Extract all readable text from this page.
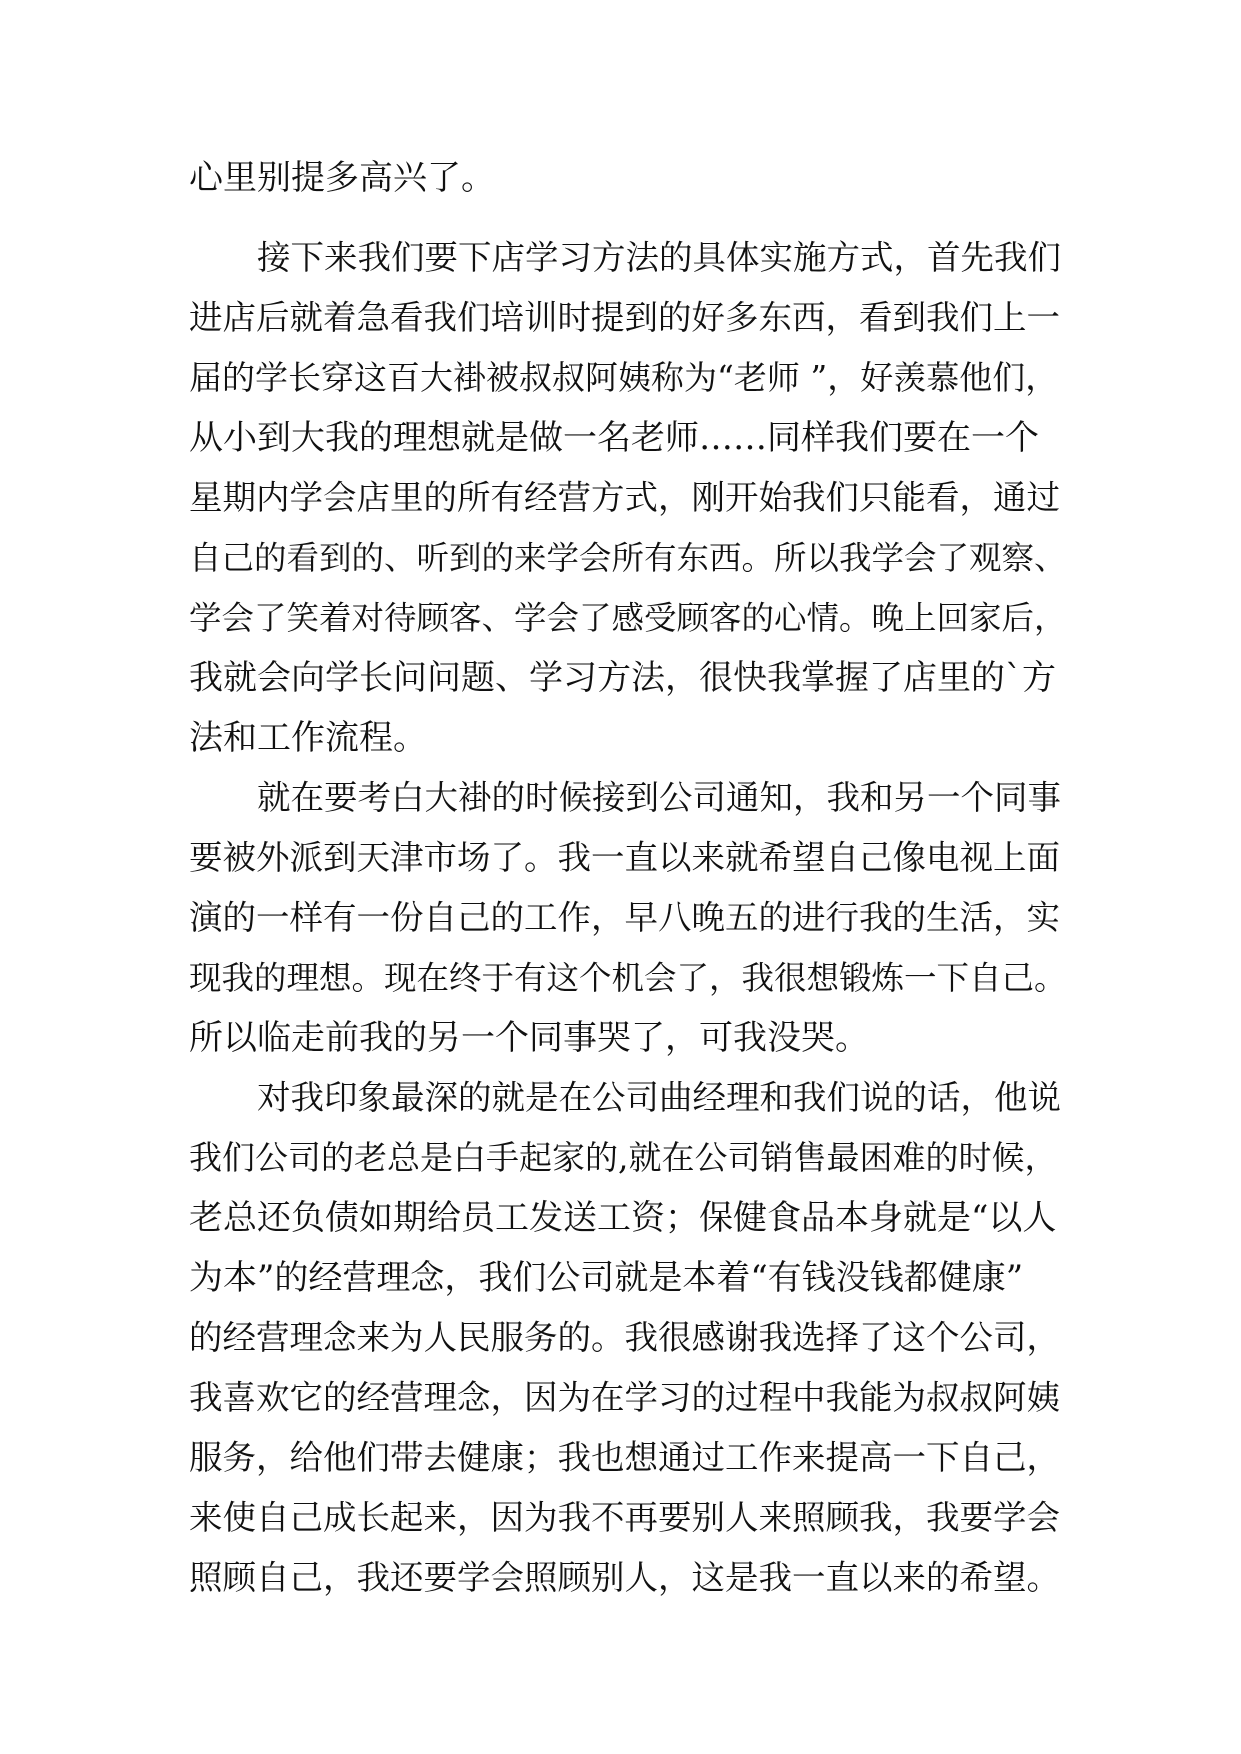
心里别提多高兴了。
接下来我们要下店学习方法的具体实施方式，首先我们
进店后就着急看我们培训时提到的好多东西，看到我们上一
届的学长穿这百大褂被叔叔阿姨称为“老师 ”，好羡慕他们，
从小到大我的理想就是做一名老师……同样我们要在一个
星期内学会店里的所有经营方式，刚开始我们只能看，通过
自己的看到的、听到的来学会所有东西。所以我学会了观察、
学会了笑着对待顾客、学会了感受顾客的心情。晚上回家后，
我就会向学长问问题、学习方法，很快我掌握了店里的`方
法和工作流程。
就在要考白大褂的时候接到公司通知，我和另一个同事
要被外派到天津市场了。我一直以来就希望自己像电视上面
演的一样有一份自己的工作，早八晚五的进行我的生活，实
现我的理想。现在终于有这个机会了，我很想锻炼一下自己。
所以临走前我的另一个同事哭了，可我没哭。
对我印象最深的就是在公司曲经理和我们说的话，他说
我们公司的老总是白手起家的,就在公司销售最困难的时候，
老总还负债如期给员工发送工资；保健食品本身就是“以人
为本”的经营理念，我们公司就是本着“有钱没钱都健康”
的经营理念来为人民服务的。我很感谢我选择了这个公司，
我喜欢它的经营理念，因为在学习的过程中我能为叔叔阿姨
服务，给他们带去健康；我也想通过工作来提高一下自己，
来使自己成长起来，因为我不再要别人来照顾我，我要学会
照顾自己，我还要学会照顾别人，这是我一直以来的希望。
